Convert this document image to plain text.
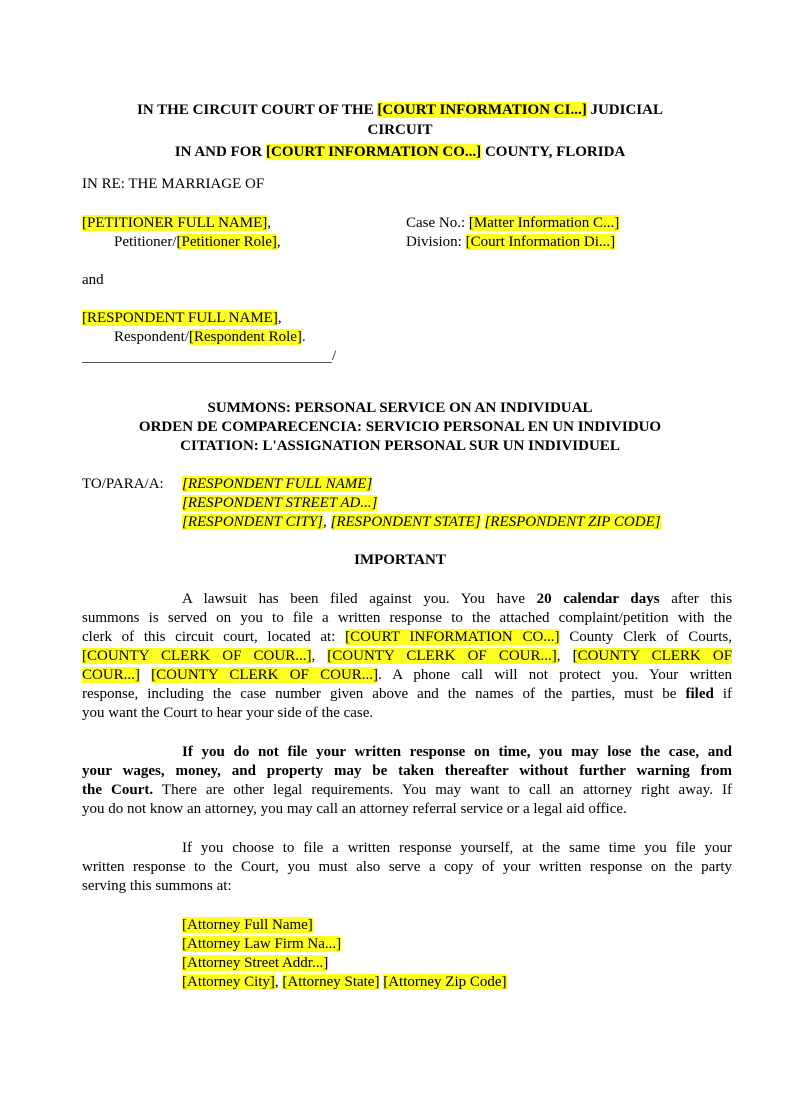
IN THE CIRCUIT COURT OF THE [COURT INFORMATION CI...] JUDICIAL
CIRCUIT
IN AND FOR [COURT INFORMATION CO...] COUNTY, FLORIDA
IN RE: THE MARRIAGE OF
[PETITIONER FULL NAME],
Petitioner/[Petitioner Role],
Case No.: [Matter Information C...]
Division: [Court Information Di...]
and
[RESPONDENT FULL NAME],
Respondent/[Respondent Role].
/
SUMMONS: PERSONAL SERVICE ON AN INDIVIDUAL
ORDEN DE COMPARECENCIA: SERVICIO PERSONAL EN UN INDIVIDUO
CITATION: L'ASSIGNATION PERSONAL SUR UN INDIVIDUEL
TO/PARA/A: [RESPONDENT FULL NAME]
[RESPONDENT STREET AD...]
[RESPONDENT CITY], [RESPONDENT STATE] [RESPONDENT ZIP CODE]
IMPORTANT
A lawsuit has been filed against you. You have 20 calendar days after this
summons is served on you to file a written response to the attached complaint/petition with the
clerk of this circuit court, located at: [COURT INFORMATION CO...] County Clerk of Courts,
[COUNTY CLERK OF COUR...], [COUNTY CLERK OF COUR...], [COUNTY CLERK OF
COUR...] [COUNTY CLERK OF COUR...]. A phone call will not protect you. Your written
response, including the case number given above and the names of the parties, must be filed if
you want the Court to hear your side of the case.
If you do not file your written response on time, you may lose the case, and
your wages, money, and property may be taken thereafter without further warning from
the Court. There are other legal requirements. You may want to call an attorney right away. If
you do not know an attorney, you may call an attorney referral service or a legal aid office.
If you choose to file a written response yourself, at the same time you file your
written response to the Court, you must also serve a copy of your written response on the party
serving this summons at:
[Attorney Full Name]
[Attorney Law Firm Na...]
[Attorney Street Addr...]
[Attorney City], [Attorney State] [Attorney Zip Code]
